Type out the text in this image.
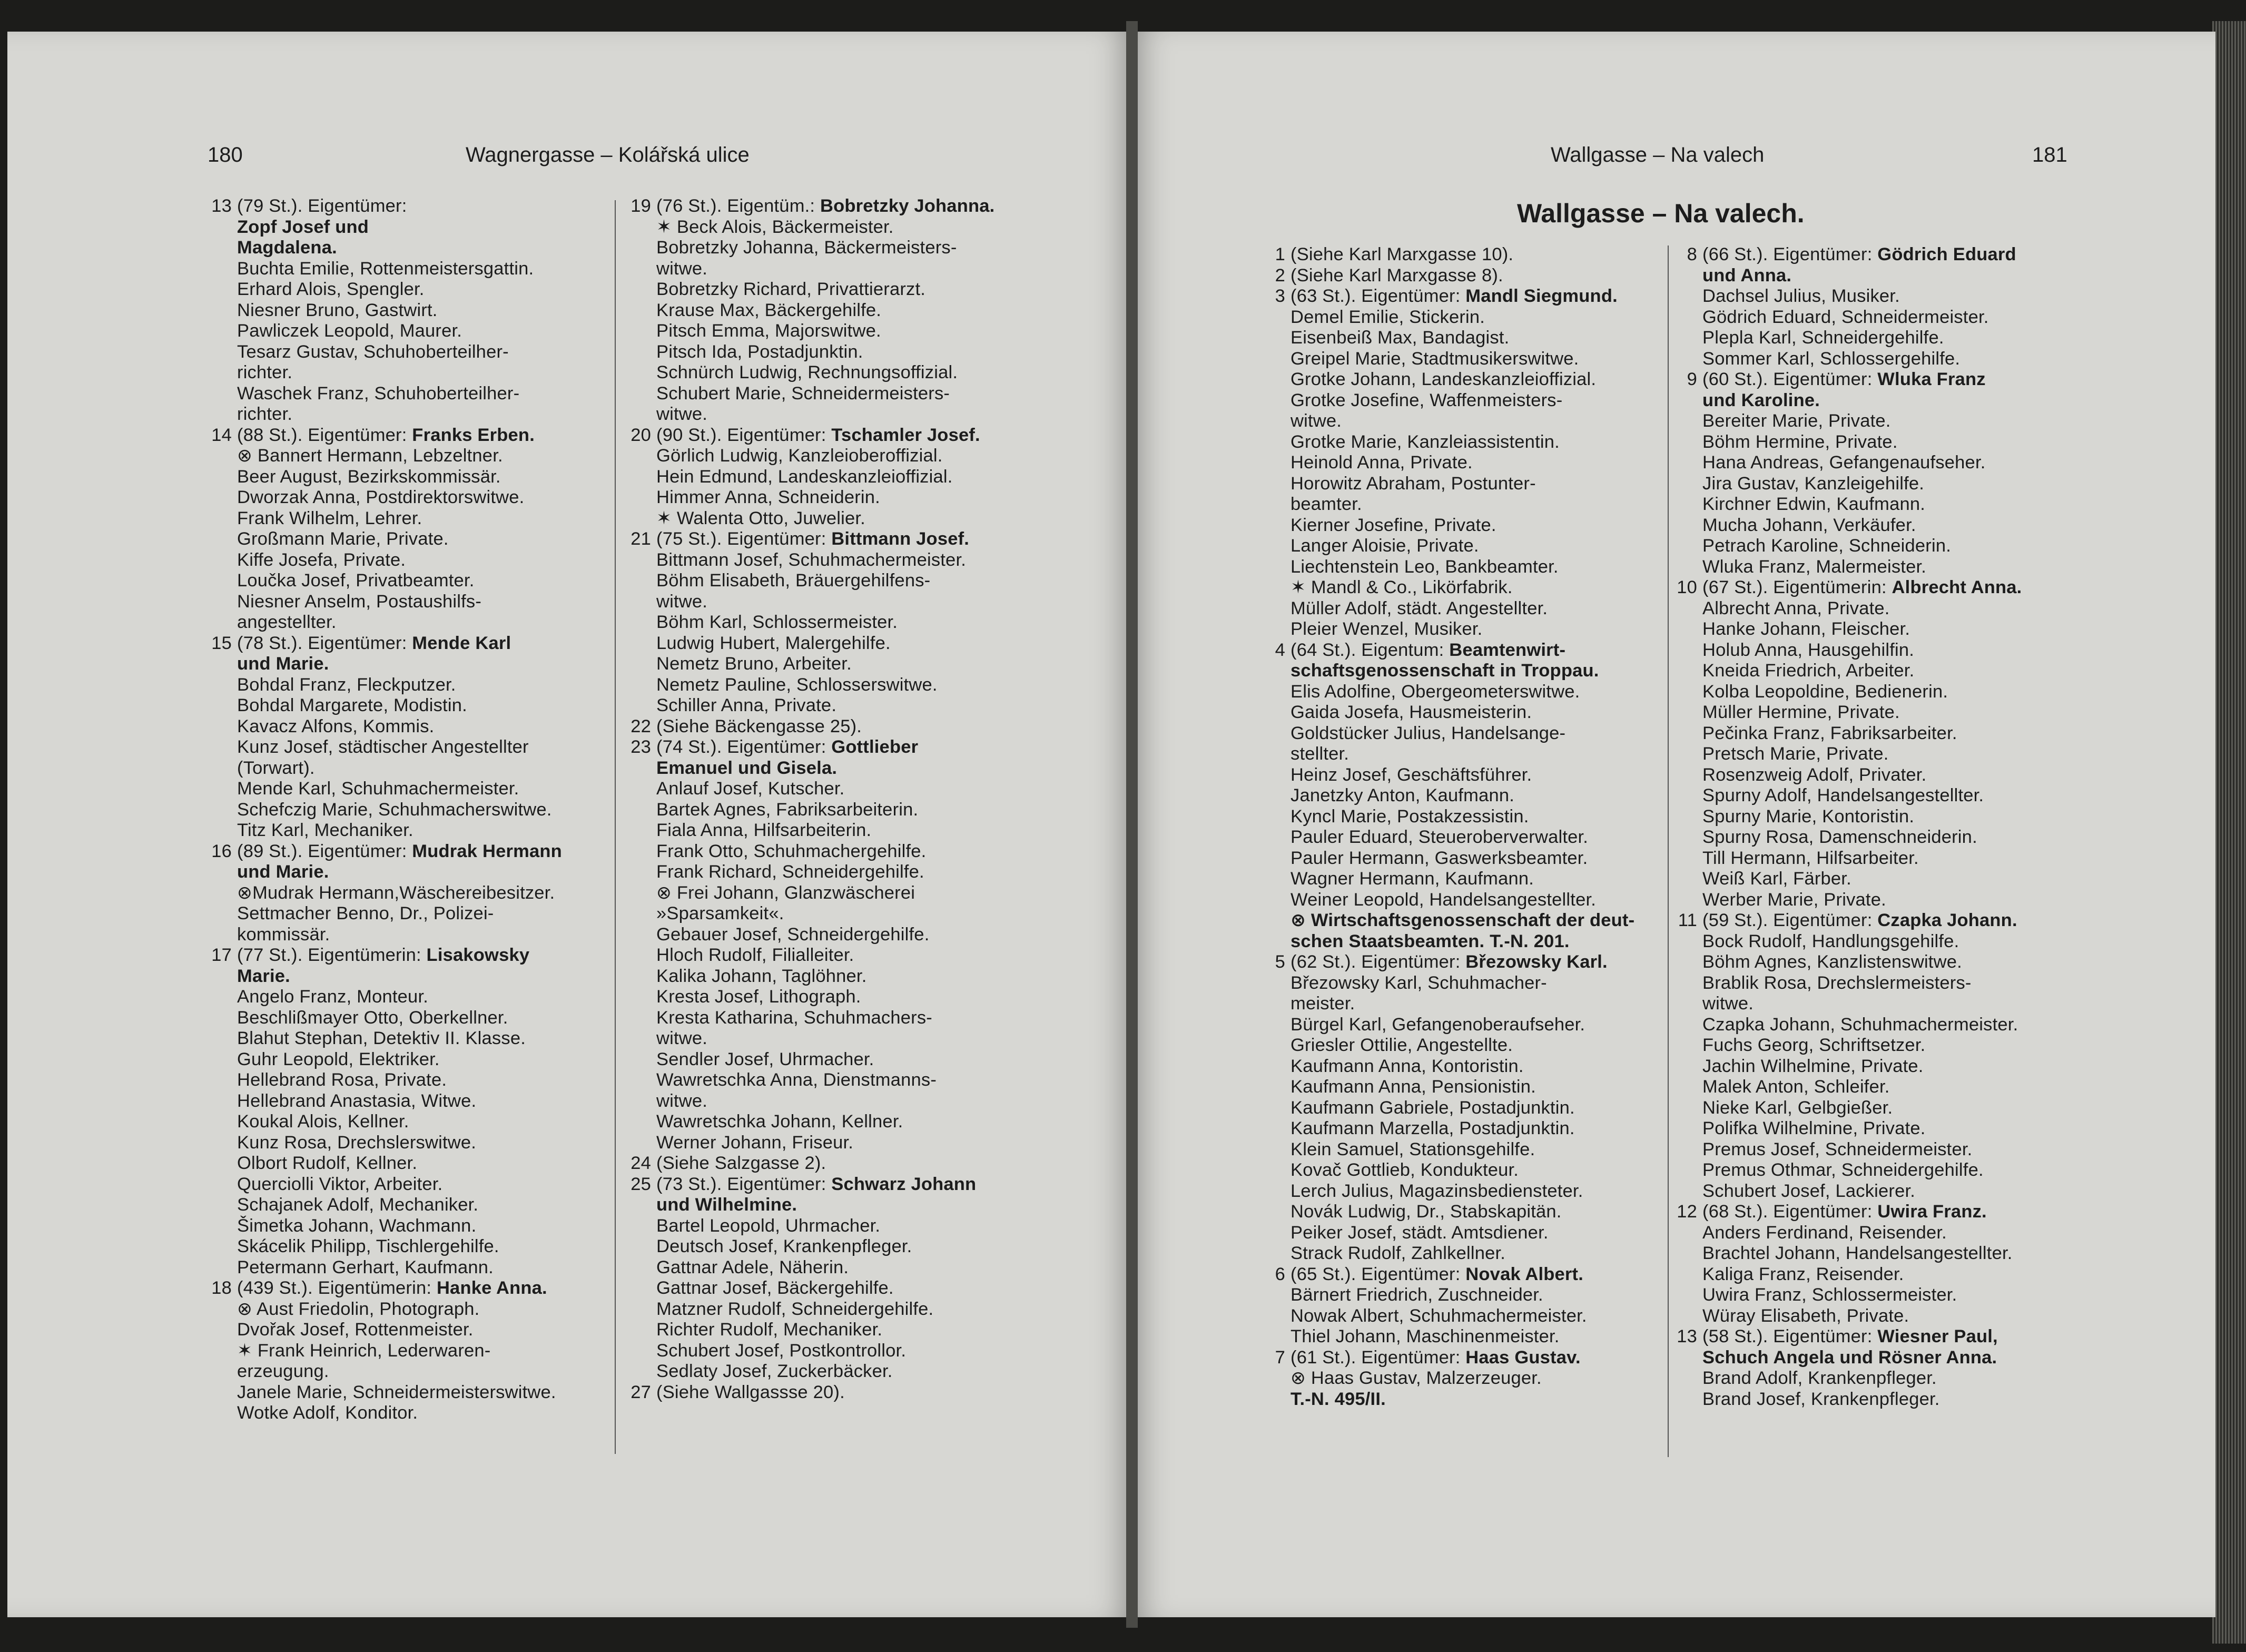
180	Wagnergasse – Kolářská ulice	Wallgasse – Na valech	181
Wallgasse – Na valech.
13 (79 St.). Eigentümer:
Zopf Josef und
Magdalena.
Buchta Emilie, Rottenmeistersgattin.
Erhard Alois, Spengler.
Niesner Bruno, Gastwirt.
Pawliczek Leopold, Maurer.
Tesarz Gustav, Schuhoberteilher-
richter.
Waschek Franz, Schuhoberteilher-
richter.
14 (88 St.). Eigentümer: Franks Erben.
⊗ Bannert Hermann, Lebzeltner.
Beer August, Bezirkskommissär.
Dworzak Anna, Postdirektorswitwe.
Frank Wilhelm, Lehrer.
Großmann Marie, Private.
Kiffe Josefa, Private.
Loučka Josef, Privatbeamter.
Niesner Anselm, Postaushilfs-
angestellter.
15 (78 St.). Eigentümer: Mende Karl
und Marie.
Bohdal Franz, Fleckputzer.
Bohdal Margarete, Modistin.
Kavacz Alfons, Kommis.
Kunz Josef, städtischer Angestellter
(Torwart).
Mende Karl, Schuhmachermeister.
Schefczig Marie, Schuhmacherswitwe.
Titz Karl, Mechaniker.
16 (89 St.). Eigentümer: Mudrak Hermann
und Marie.
⊗Mudrak Hermann,Wäschereibesitzer.
Settmacher Benno, Dr., Polizei-
kommissär.
17 (77 St.). Eigentümerin: Lisakowsky
Marie.
Angelo Franz, Monteur.
Beschlißmayer Otto, Oberkellner.
Blahut Stephan, Detektiv II. Klasse.
Guhr Leopold, Elektriker.
Hellebrand Rosa, Private.
Hellebrand Anastasia, Witwe.
Koukal Alois, Kellner.
Kunz Rosa, Drechslerswitwe.
Olbort Rudolf, Kellner.
Querciolli Viktor, Arbeiter.
Schajanek Adolf, Mechaniker.
Šimetka Johann, Wachmann.
Skácelik Philipp, Tischlergehilfe.
Petermann Gerhart, Kaufmann.
18 (439 St.). Eigentümerin: Hanke Anna.
⊗ Aust Friedolin, Photograph.
Dvořak Josef, Rottenmeister.
✶ Frank Heinrich, Lederwaren-
erzeugung.
Janele Marie, Schneidermeisterswitwe.
Wotke Adolf, Konditor.
19 (76 St.). Eigentüm.: Bobretzky Johanna.
✶ Beck Alois, Bäckermeister.
Bobretzky Johanna, Bäckermeisters-
witwe.
Bobretzky Richard, Privattierarzt.
Krause Max, Bäckergehilfe.
Pitsch Emma, Majorswitwe.
Pitsch Ida, Postadjunktin.
Schnürch Ludwig, Rechnungsoffizial.
Schubert Marie, Schneidermeisters-
witwe.
20 (90 St.). Eigentümer: Tschamler Josef.
Görlich Ludwig, Kanzleioberoffizial.
Hein Edmund, Landeskanzleioffizial.
Himmer Anna, Schneiderin.
✶ Walenta Otto, Juwelier.
21 (75 St.). Eigentümer: Bittmann Josef.
Bittmann Josef, Schuhmachermeister.
Böhm Elisabeth, Bräuergehilfens-
witwe.
Böhm Karl, Schlossermeister.
Ludwig Hubert, Malergehilfe.
Nemetz Bruno, Arbeiter.
Nemetz Pauline, Schlosserswitwe.
Schiller Anna, Private.
22 (Siehe Bäckengasse 25).
23 (74 St.). Eigentümer: Gottlieber
Emanuel und Gisela.
Anlauf Josef, Kutscher.
Bartek Agnes, Fabriksarbeiterin.
Fiala Anna, Hilfsarbeiterin.
Frank Otto, Schuhmachergehilfe.
Frank Richard, Schneidergehilfe.
⊗ Frei Johann, Glanzwäscherei
»Sparsamkeit«.
Gebauer Josef, Schneidergehilfe.
Hloch Rudolf, Filialleiter.
Kalika Johann, Taglöhner.
Kresta Josef, Lithograph.
Kresta Katharina, Schuhmachers-
witwe.
Sendler Josef, Uhrmacher.
Wawretschka Anna, Dienstmanns-
witwe.
Wawretschka Johann, Kellner.
Werner Johann, Friseur.
24 (Siehe Salzgasse 2).
25 (73 St.). Eigentümer: Schwarz Johann
und Wilhelmine.
Bartel Leopold, Uhrmacher.
Deutsch Josef, Krankenpfleger.
Gattnar Adele, Näherin.
Gattnar Josef, Bäckergehilfe.
Matzner Rudolf, Schneidergehilfe.
Richter Rudolf, Mechaniker.
Schubert Josef, Postkontrollor.
Sedlaty Josef, Zuckerbäcker.
27 (Siehe Wallgassse 20).
1 (Siehe Karl Marxgasse 10).
2 (Siehe Karl Marxgasse 8).
3 (63 St.). Eigentümer: Mandl Siegmund.
Demel Emilie, Stickerin.
Eisenbeiß Max, Bandagist.
Greipel Marie, Stadtmusikerswitwe.
Grotke Johann, Landeskanzleioffizial.
Grotke Josefine, Waffenmeisters-
witwe.
Grotke Marie, Kanzleiassistentin.
Heinold Anna, Private.
Horowitz Abraham, Postunter-
beamter.
Kierner Josefine, Private.
Langer Aloisie, Private.
Liechtenstein Leo, Bankbeamter.
✶ Mandl & Co., Likörfabrik.
Müller Adolf, städt. Angestellter.
Pleier Wenzel, Musiker.
4 (64 St.). Eigentum: Beamtenwirt-
schaftsgenossenschaft in Troppau.
Elis Adolfine, Obergeometerswitwe.
Gaida Josefa, Hausmeisterin.
Goldstücker Julius, Handelsange-
stellter.
Heinz Josef, Geschäftsführer.
Janetzky Anton, Kaufmann.
Kyncl Marie, Postakzessistin.
Pauler Eduard, Steueroberverwalter.
Pauler Hermann, Gaswerksbeamter.
Wagner Hermann, Kaufmann.
Weiner Leopold, Handelsangestellter.
⊗ Wirtschaftsgenossenschaft der deut-
schen Staatsbeamten. T.-N. 201.
5 (62 St.). Eigentümer: Březowsky Karl.
Březowsky Karl, Schuhmacher-
meister.
Bürgel Karl, Gefangenoberaufseher.
Griesler Ottilie, Angestellte.
Kaufmann Anna, Kontoristin.
Kaufmann Anna, Pensionistin.
Kaufmann Gabriele, Postadjunktin.
Kaufmann Marzella, Postadjunktin.
Klein Samuel, Stationsgehilfe.
Kovač Gottlieb, Kondukteur.
Lerch Julius, Magazinsbediensteter.
Novák Ludwig, Dr., Stabskapitän.
Peiker Josef, städt. Amtsdiener.
Strack Rudolf, Zahlkellner.
6 (65 St.). Eigentümer: Novak Albert.
Bärnert Friedrich, Zuschneider.
Nowak Albert, Schuhmachermeister.
Thiel Johann, Maschinenmeister.
7 (61 St.). Eigentümer: Haas Gustav.
⊗ Haas Gustav, Malzerzeuger.
T.-N. 495/II.
8 (66 St.). Eigentümer: Gödrich Eduard
und Anna.
Dachsel Julius, Musiker.
Gödrich Eduard, Schneidermeister.
Plepla Karl, Schneidergehilfe.
Sommer Karl, Schlossergehilfe.
9 (60 St.). Eigentümer: Wluka Franz
und Karoline.
Bereiter Marie, Private.
Böhm Hermine, Private.
Hana Andreas, Gefangenaufseher.
Jira Gustav, Kanzleigehilfe.
Kirchner Edwin, Kaufmann.
Mucha Johann, Verkäufer.
Petrach Karoline, Schneiderin.
Wluka Franz, Malermeister.
10 (67 St.). Eigentümerin: Albrecht Anna.
Albrecht Anna, Private.
Hanke Johann, Fleischer.
Holub Anna, Hausgehilfin.
Kneida Friedrich, Arbeiter.
Kolba Leopoldine, Bedienerin.
Müller Hermine, Private.
Pečinka Franz, Fabriksarbeiter.
Pretsch Marie, Private.
Rosenzweig Adolf, Privater.
Spurny Adolf, Handelsangestellter.
Spurny Marie, Kontoristin.
Spurny Rosa, Damenschneiderin.
Till Hermann, Hilfsarbeiter.
Weiß Karl, Färber.
Werber Marie, Private.
11 (59 St.). Eigentümer: Czapka Johann.
Bock Rudolf, Handlungsgehilfe.
Böhm Agnes, Kanzlistenswitwe.
Brablik Rosa, Drechslermeisters-
witwe.
Czapka Johann, Schuhmachermeister.
Fuchs Georg, Schriftsetzer.
Jachin Wilhelmine, Private.
Malek Anton, Schleifer.
Nieke Karl, Gelbgießer.
Polifka Wilhelmine, Private.
Premus Josef, Schneidermeister.
Premus Othmar, Schneidergehilfe.
Schubert Josef, Lackierer.
12 (68 St.). Eigentümer: Uwira Franz.
Anders Ferdinand, Reisender.
Brachtel Johann, Handelsangestellter.
Kaliga Franz, Reisender.
Uwira Franz, Schlossermeister.
Würay Elisabeth, Private.
13 (58 St.). Eigentümer: Wiesner Paul,
Schuch Angela und Rösner Anna.
Brand Adolf, Krankenpfleger.
Brand Josef, Krankenpfleger.
